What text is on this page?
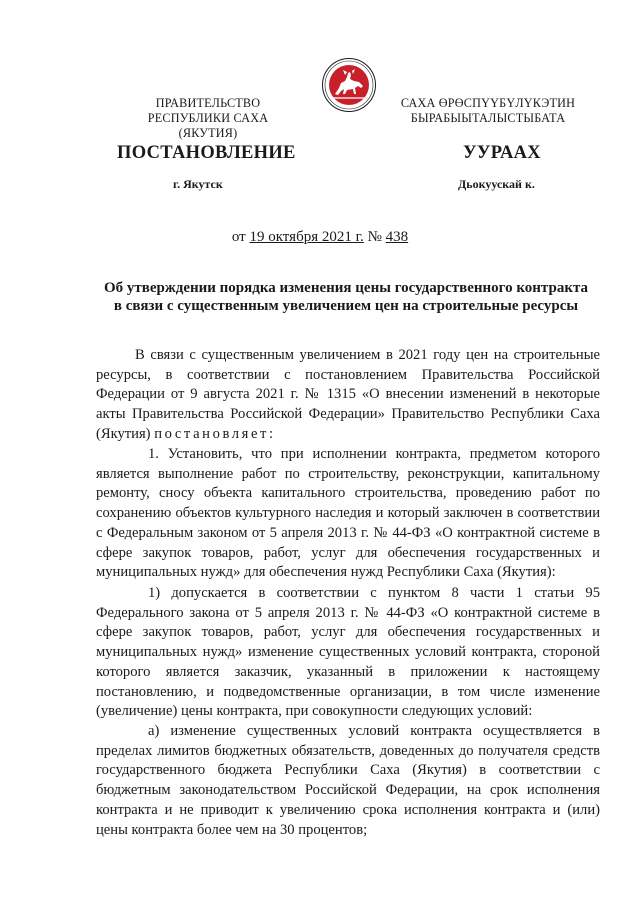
ПРАВИТЕЛЬСТВО
РЕСПУБЛИКИ САХА (ЯКУТИЯ)
САХА ӨРӨСПҮҮБҮЛҮКЭТИН
БЫРАБЫЫТАЛЫСТЫБАТА
ПОСТАНОВЛЕНИЕ	УУРААХ
г. Якутск	Дьокуускай к.
от 19 октября 2021 г. № 438
Об утверждении порядка изменения цены государственного контракта
в связи с существенным увеличением цен на строительные ресурсы

В связи с существенным увеличением в 2021 году цен на строительные ресурсы, в соответствии с постановлением Правительства Российской Федерации от 9 августа 2021 г. № 1315 «О внесении изменений в некоторые акты Правительства Российской Федерации» Правительство Республики Саха (Якутия) постановляет:

1. Установить, что при исполнении контракта, предметом которого является выполнение работ по строительству, реконструкции, капитальному ремонту, сносу объекта капитального строительства, проведению работ по сохранению объектов культурного наследия и который заключен в соответствии с Федеральным законом от 5 апреля 2013 г. № 44-ФЗ «О контрактной системе в сфере закупок товаров, работ, услуг для обеспечения государственных и муниципальных нужд» для обеспечения нужд Республики Саха (Якутия):

1) допускается в соответствии с пунктом 8 части 1 статьи 95 Федерального закона от 5 апреля 2013 г. № 44-ФЗ «О контрактной системе в сфере закупок товаров, работ, услуг для обеспечения государственных и муниципальных нужд» изменение существенных условий контракта, стороной которого является заказчик, указанный в приложении к настоящему постановлению, и подведомственные организации, в том числе изменение (увеличение) цены контракта, при совокупности следующих условий:

а) изменение существенных условий контракта осуществляется в пределах лимитов бюджетных обязательств, доведенных до получателя средств государственного бюджета Республики Саха (Якутия) в соответствии с бюджетным законодательством Российской Федерации, на срок исполнения контракта и не приводит к увеличению срока исполнения контракта и (или) цены контракта более чем на 30 процентов;
